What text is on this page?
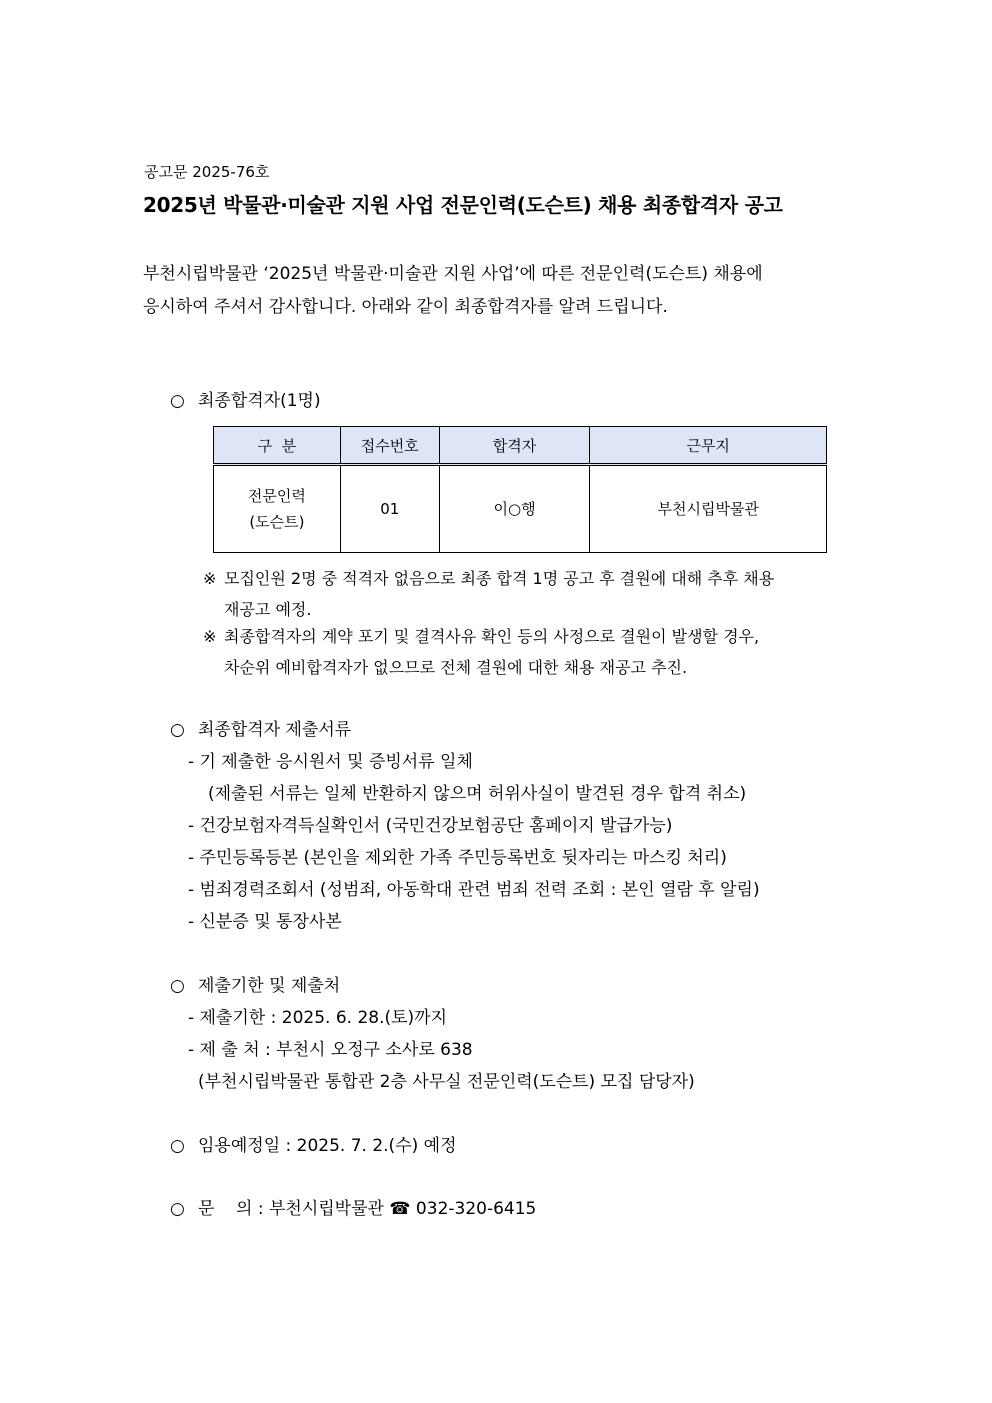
공고문 2025-76호
2025년 박물관·미술관 지원 사업 전문인력(도슨트) 채용 최종합격자 공고
부천시립박물관 ‘2025년 박물관·미술관 지원 사업’에 따른 전문인력(도슨트) 채용에
응시하여 주셔서 감사합니다. 아래와 같이 최종합격자를 알려 드립니다.
○ 최종합격자(1명)
구  분	접수번호	합격자	근무지

전문인력
(도슨트)	01	이○행	부천시립박물관
※ 모집인원 2명 중 적격자 없음으로 최종 합격 1명 공고 후 결원에 대해 추후 채용
재공고 예정.
※ 최종합격자의 계약 포기 및 결격사유 확인 등의 사정으로 결원이 발생할 경우,
차순위 예비합격자가 없으므로 전체 결원에 대한 채용 재공고 추진.
○ 최종합격자 제출서류
- 기 제출한 응시원서 및 증빙서류 일체
(제출된 서류는 일체 반환하지 않으며 허위사실이 발견된 경우 합격 취소)
- 건강보험자격득실확인서 (국민건강보험공단 홈페이지 발급가능)
- 주민등록등본 (본인을 제외한 가족 주민등록번호 뒷자리는 마스킹 처리)
- 범죄경력조회서 (성범죄, 아동학대 관련 범죄 전력 조회 : 본인 열람 후 알림)
- 신분증 및 통장사본
○ 제출기한 및 제출처
- 제출기한 : 2025. 6. 28.(토)까지
- 제 출 처 : 부천시 오정구 소사로 638
(부천시립박물관 통합관 2층 사무실 전문인력(도슨트) 모집 담당자)
○ 임용예정일 : 2025. 7. 2.(수) 예정
○ 문    의 : 부천시립박물관 ☎ 032-320-6415
